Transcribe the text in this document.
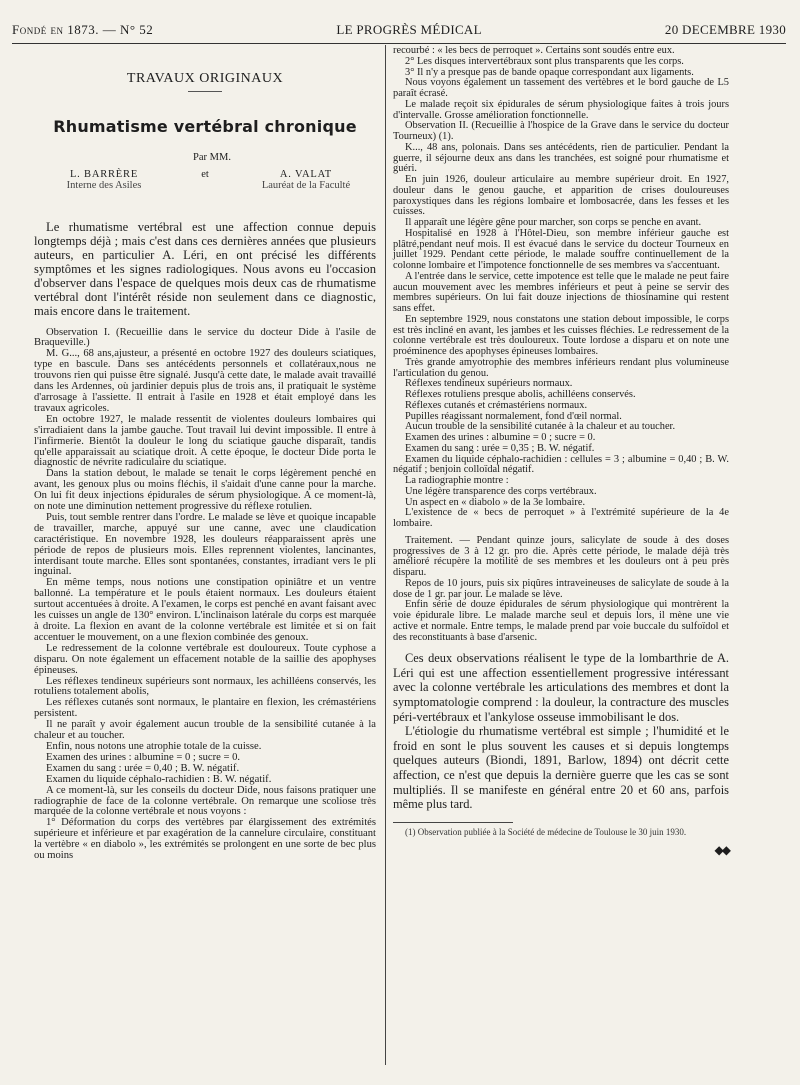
Fondé en 1873. — N° 52	LE PROGRÈS MÉDICAL	20 DECEMBRE 1930
TRAVAUX ORIGINAUX
Rhumatisme vertébral chronique
Par MM.
L. BARRÈRE
Interne des Asiles
et	A. VALAT
Lauréat de la Faculté

Le rhumatisme vertébral est une affection connue depuis longtemps déjà ; mais c'est dans ces dernières années que plusieurs auteurs, en particulier A. Léri, en ont précisé les différents symptômes et les signes radiologiques. Nous avons eu l'occasion d'observer dans l'espace de quelques mois deux cas de rhumatisme vertébral dont l'intérêt réside non seulement dans ce diagnostic, mais encore dans le traitement.

Observation I. (Recueillie dans le service du docteur Dide à l'asile de Braqueville.)

M. G..., 68 ans,ajusteur, a présenté en octobre 1927 des douleurs sciatiques, type en bascule. Dans ses antécédents personnels et collatéraux,nous ne trouvons rien qui puisse être signalé. Jusqu'à cette date, le malade avait travaillé dans les Ardennes, où jardinier depuis plus de trois ans, il pratiquait le système d'arrosage à l'assiette. Il entrait à l'asile en 1928 et était employé dans les travaux agricoles.

En octobre 1927, le malade ressentit de violentes douleurs lombaires qui s'irradiaient dans la jambe gauche. Tout travail lui devint impossible. Il entre à l'infirmerie. Bientôt la douleur le long du sciatique gauche disparaît, tandis qu'elle apparaissait au sciatique droit. A cette époque, le docteur Dide porta le diagnostic de névrite radiculaire du sciatique.

Dans la station debout, le malade se tenait le corps légèrement penché en avant, les genoux plus ou moins fléchis, il s'aidait d'une canne pour la marche. On lui fit deux injections épidurales de sérum physiologique. A ce moment-là, on note une diminution nettement progressive du réflexe rotulien.

Puis, tout semble rentrer dans l'ordre. Le malade se lève et quoique incapable de travailler, marche, appuyé sur une canne, avec une claudication caractéristique. En novembre 1928, les douleurs réapparaissent après une période de repos de plusieurs mois. Elles reprennent violentes, lancinantes, interdisant toute marche. Elles sont spontanées, constantes, irradiant vers le pli inguinal.

En même temps, nous notions une constipation opiniâtre et un ventre ballonné. La température et le pouls étaient normaux. Les douleurs étaient surtout accentuées à droite. A l'examen, le corps est penché en avant faisant avec les cuisses un angle de 130° environ. L'inclinaison latérale du corps est marquée à droite. La flexion en avant de la colonne vertébrale est limitée et si on fait accentuer le mouvement, on a une flexion combinée des genoux.

Le redressement de la colonne vertébrale est douloureux. Toute cyphose a disparu. On note également un effacement notable de la saillie des apophyses épineuses.

Les réflexes tendineux supérieurs sont normaux, les achilléens conservés, les rotuliens totalement abolis,

Les réflexes cutanés sont normaux, le plantaire en flexion, les crémastériens persistent.

Il ne paraît y avoir également aucun trouble de la sensibilité cutanée à la chaleur et au toucher.

Enfin, nous notons une atrophie totale de la cuisse.

Examen des urines : albumine = 0 ; sucre = 0.

Examen du sang : urée = 0,40 ; B. W. négatif.

Examen du liquide céphalo-rachidien : B. W. négatif.

A ce moment-là, sur les conseils du docteur Dide, nous faisons pratiquer une radiographie de face de la colonne vertébrale. On remarque une scoliose très marquée de la colonne vertébrale et nous voyons :

1° Déformation du corps des vertèbres par élargissement des extrémités supérieure et inférieure et par exagération de la cannelure circulaire, constituant la vertèbre « en diabolo », les extrémités se prolongent en une sorte de bec plus ou moins

recourbé : « les becs de perroquet ». Certains sont soudés entre eux.

2° Les disques intervertébraux sont plus transparents que les corps.

3° Il n'y a presque pas de bande opaque correspondant aux ligaments.

Nous voyons également un tassement des vertèbres et le bord gauche de L5 paraît écrasé.

Le malade reçoit six épidurales de sérum physiologique faites à trois jours d'intervalle. Grosse amélioration fonctionnelle.

Observation II. (Recueillie à l'hospice de la Grave dans le service du docteur Tourneux) (1).

K..., 48 ans, polonais. Dans ses antécédents, rien de particulier. Pendant la guerre, il séjourne deux ans dans les tranchées, est soigné pour rhumatisme et guéri.

En juin 1926, douleur articulaire au membre supérieur droit. En 1927, douleur dans le genou gauche, et apparition de crises douloureuses paroxystiques dans les régions lombaire et lombosacrée, dans les fesses et les cuisses.

Il apparaît une légère gêne pour marcher, son corps se penche en avant.

Hospitalisé en 1928 à l'Hôtel-Dieu, son membre inférieur gauche est plâtré,pendant neuf mois. Il est évacué dans le service du docteur Tourneux en juillet 1929. Pendant cette période, le malade souffre continuellement de la colonne lombaire et l'impotence fonctionnelle de ses membres va s'accentuant.

A l'entrée dans le service, cette impotence est telle que le malade ne peut faire aucun mouvement avec les membres inférieurs et peut à peine se servir des membres supérieurs. On lui fait douze injections de thiosinamine qui restent sans effet.

En septembre 1929, nous constatons une station debout impossible, le corps est très incliné en avant, les jambes et les cuisses fléchies. Le redressement de la colonne vertébrale est très douloureux. Toute lordose a disparu et on note une proéminence des apophyses épineuses lombaires.

Très grande amyotrophie des membres inférieurs rendant plus volumineuse l'articulation du genou.

Réflexes tendineux supérieurs normaux.

Réflexes rotuliens presque abolis, achilléens conservés.

Réflexes cutanés et crémastériens normaux.

Pupilles réagissant normalement, fond d'œil normal.

Aucun trouble de la sensibilité cutanée à la chaleur et au toucher.

Examen des urines : albumine = 0 ; sucre = 0.

Examen du sang : urée = 0,35 ; B. W. négatif.

Examen du liquide céphalo-rachidien : cellules = 3 ; albumine = 0,40 ; B. W. négatif ; benjoin colloïdal négatif.

La radiographie montre :

Une légère transparence des corps vertébraux.

Un aspect en « diabolo » de la 3e lombaire.

L'existence de « becs de perroquet » à l'extrémité supérieure de la 4e lombaire.

Traitement. — Pendant quinze jours, salicylate de soude à des doses progressives de 3 à 12 gr. pro die. Après cette période, le malade déjà très amélioré récupère la motilité de ses membres et les douleurs ont à peu près disparu.

Repos de 10 jours, puis six piqûres intraveineuses de salicylate de soude à la dose de 1 gr. par jour. Le malade se lève.

Enfin série de douze épidurales de sérum physiologique qui montrèrent la voie épidurale libre. Le malade marche seul et depuis lors, il mène une vie active et normale. Entre temps, le malade prend par voie buccale du sulfoïdol et des reconstituants à base d'arsenic.

Ces deux observations réalisent le type de la lombarthrie de A. Léri qui est une affection essentiellement progressive intéressant avec la colonne vertébrale les articulations des membres et dont la symptomatologie comprend : la douleur, la contracture des muscles péri-vertébraux et l'ankylose osseuse immobilisant le dos.

L'étiologie du rhumatisme vertébral est simple ; l'humidité et le froid en sont le plus souvent les causes et si depuis longtemps quelques auteurs (Biondi, 1891, Barlow, 1894) ont décrit cette affection, ce n'est que depuis la dernière guerre que les cas se sont multipliés. Il se manifeste en général entre 20 et 60 ans, parfois même plus tard.

(1) Observation publiée à la Société de médecine de Toulouse le 30 juin 1930.

◆◆
